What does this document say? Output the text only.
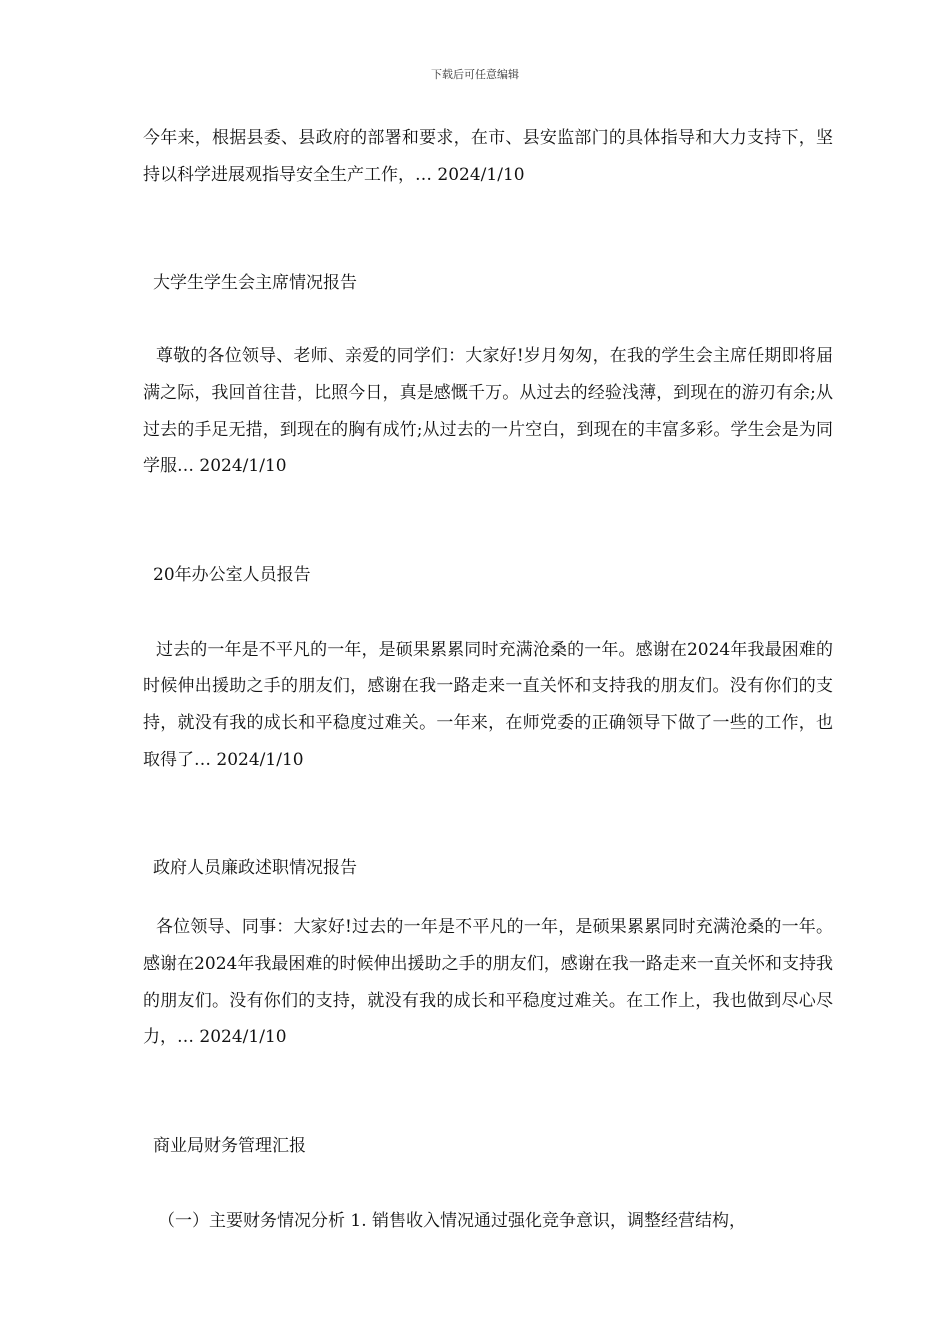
下载后可任意编辑

今年来，根据县委、县政府的部署和要求，在市、县安监部门的具体指导和大力支持下，坚持以科学进展观指导安全生产工作，… 2024/1/10

大学生学生会主席情况报告

尊敬的各位领导、老师、亲爱的同学们：大家好!岁月匆匆，在我的学生会主席任期即将届满之际，我回首往昔，比照今日，真是感慨千万。从过去的经验浅薄，到现在的游刃有余;从过去的手足无措，到现在的胸有成竹;从过去的一片空白，到现在的丰富多彩。学生会是为同学服… 2024/1/10

20年办公室人员报告

过去的一年是不平凡的一年，是硕果累累同时充满沧桑的一年。感谢在2024年我最困难的时候伸出援助之手的朋友们，感谢在我一路走来一直关怀和支持我的朋友们。没有你们的支持，就没有我的成长和平稳度过难关。一年来，在师党委的正确领导下做了一些的工作，也取得了… 2024/1/10

政府人员廉政述职情况报告

各位领导、同事：大家好!过去的一年是不平凡的一年，是硕果累累同时充满沧桑的一年。感谢在2024年我最困难的时候伸出援助之手的朋友们，感谢在我一路走来一直关怀和支持我的朋友们。没有你们的支持，就没有我的成长和平稳度过难关。在工作上，我也做到尽心尽力，… 2024/1/10

商业局财务管理汇报

（一）主要财务情况分析 1. 销售收入情况通过强化竞争意识，调整经营结构，
